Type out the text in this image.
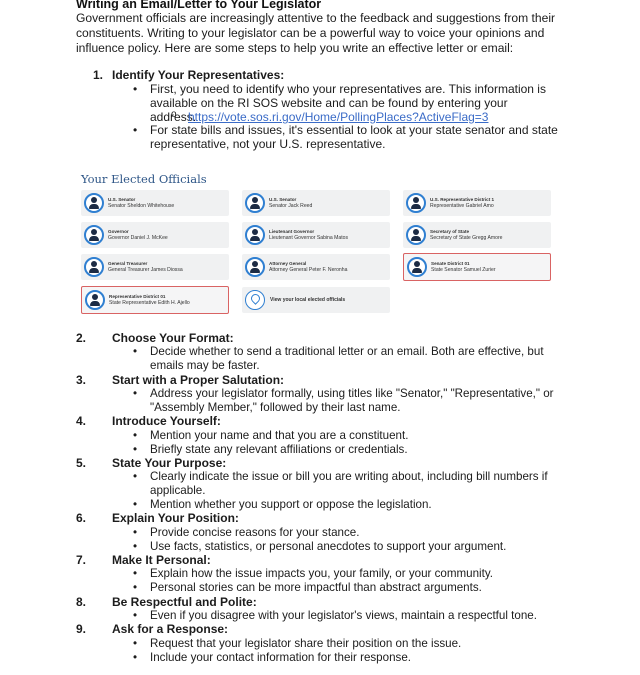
Writing an Email/Letter to Your Legislator
Government officials are increasingly attentive to the feedback and suggestions from their constituents. Writing to your legislator can be a powerful way to voice your opinions and influence policy. Here are some steps to help you write an effective letter or email:
1. Identify Your Representatives:
• First, you need to identify who your representatives are. This information is available on the RI SOS website and can be found by entering your address.
o https://vote.sos.ri.gov/Home/PollingPlaces?ActiveFlag=3
• For state bills and issues, it's essential to look at your state senator and state representative, not your U.S. representative.
Your Elected Officials
U.S. Senator
Senator Sheldon Whitehouse
U.S. Senator
Senator Jack Reed
U.S. Representative District 1
Representative Gabriel Amo
Governor
Governor Daniel J. McKee
Lieutenant Governor
Lieutenant Governor Sabina Matos
Secretary of State
Secretary of State Gregg Amore
General Treasurer
General Treasurer James Diossa
Attorney General
Attorney General Peter F. Neronha
Senate District 01
State Senator Samuel Zurier
Representative District 01
State Representative Edith H. Ajello	View your local elected officials
2. Choose Your Format:
• Decide whether to send a traditional letter or an email. Both are effective, but emails may be faster.
3. Start with a Proper Salutation:
• Address your legislator formally, using titles like "Senator," "Representative," or "Assembly Member," followed by their last name.
4. Introduce Yourself:
• Mention your name and that you are a constituent.
• Briefly state any relevant affiliations or credentials.
5. State Your Purpose:
• Clearly indicate the issue or bill you are writing about, including bill numbers if applicable.
• Mention whether you support or oppose the legislation.
6. Explain Your Position:
• Provide concise reasons for your stance.
• Use facts, statistics, or personal anecdotes to support your argument.
7. Make It Personal:
• Explain how the issue impacts you, your family, or your community.
• Personal stories can be more impactful than abstract arguments.
8. Be Respectful and Polite:
• Even if you disagree with your legislator's views, maintain a respectful tone.
9. Ask for a Response:
• Request that your legislator share their position on the issue.
• Include your contact information for their response.
